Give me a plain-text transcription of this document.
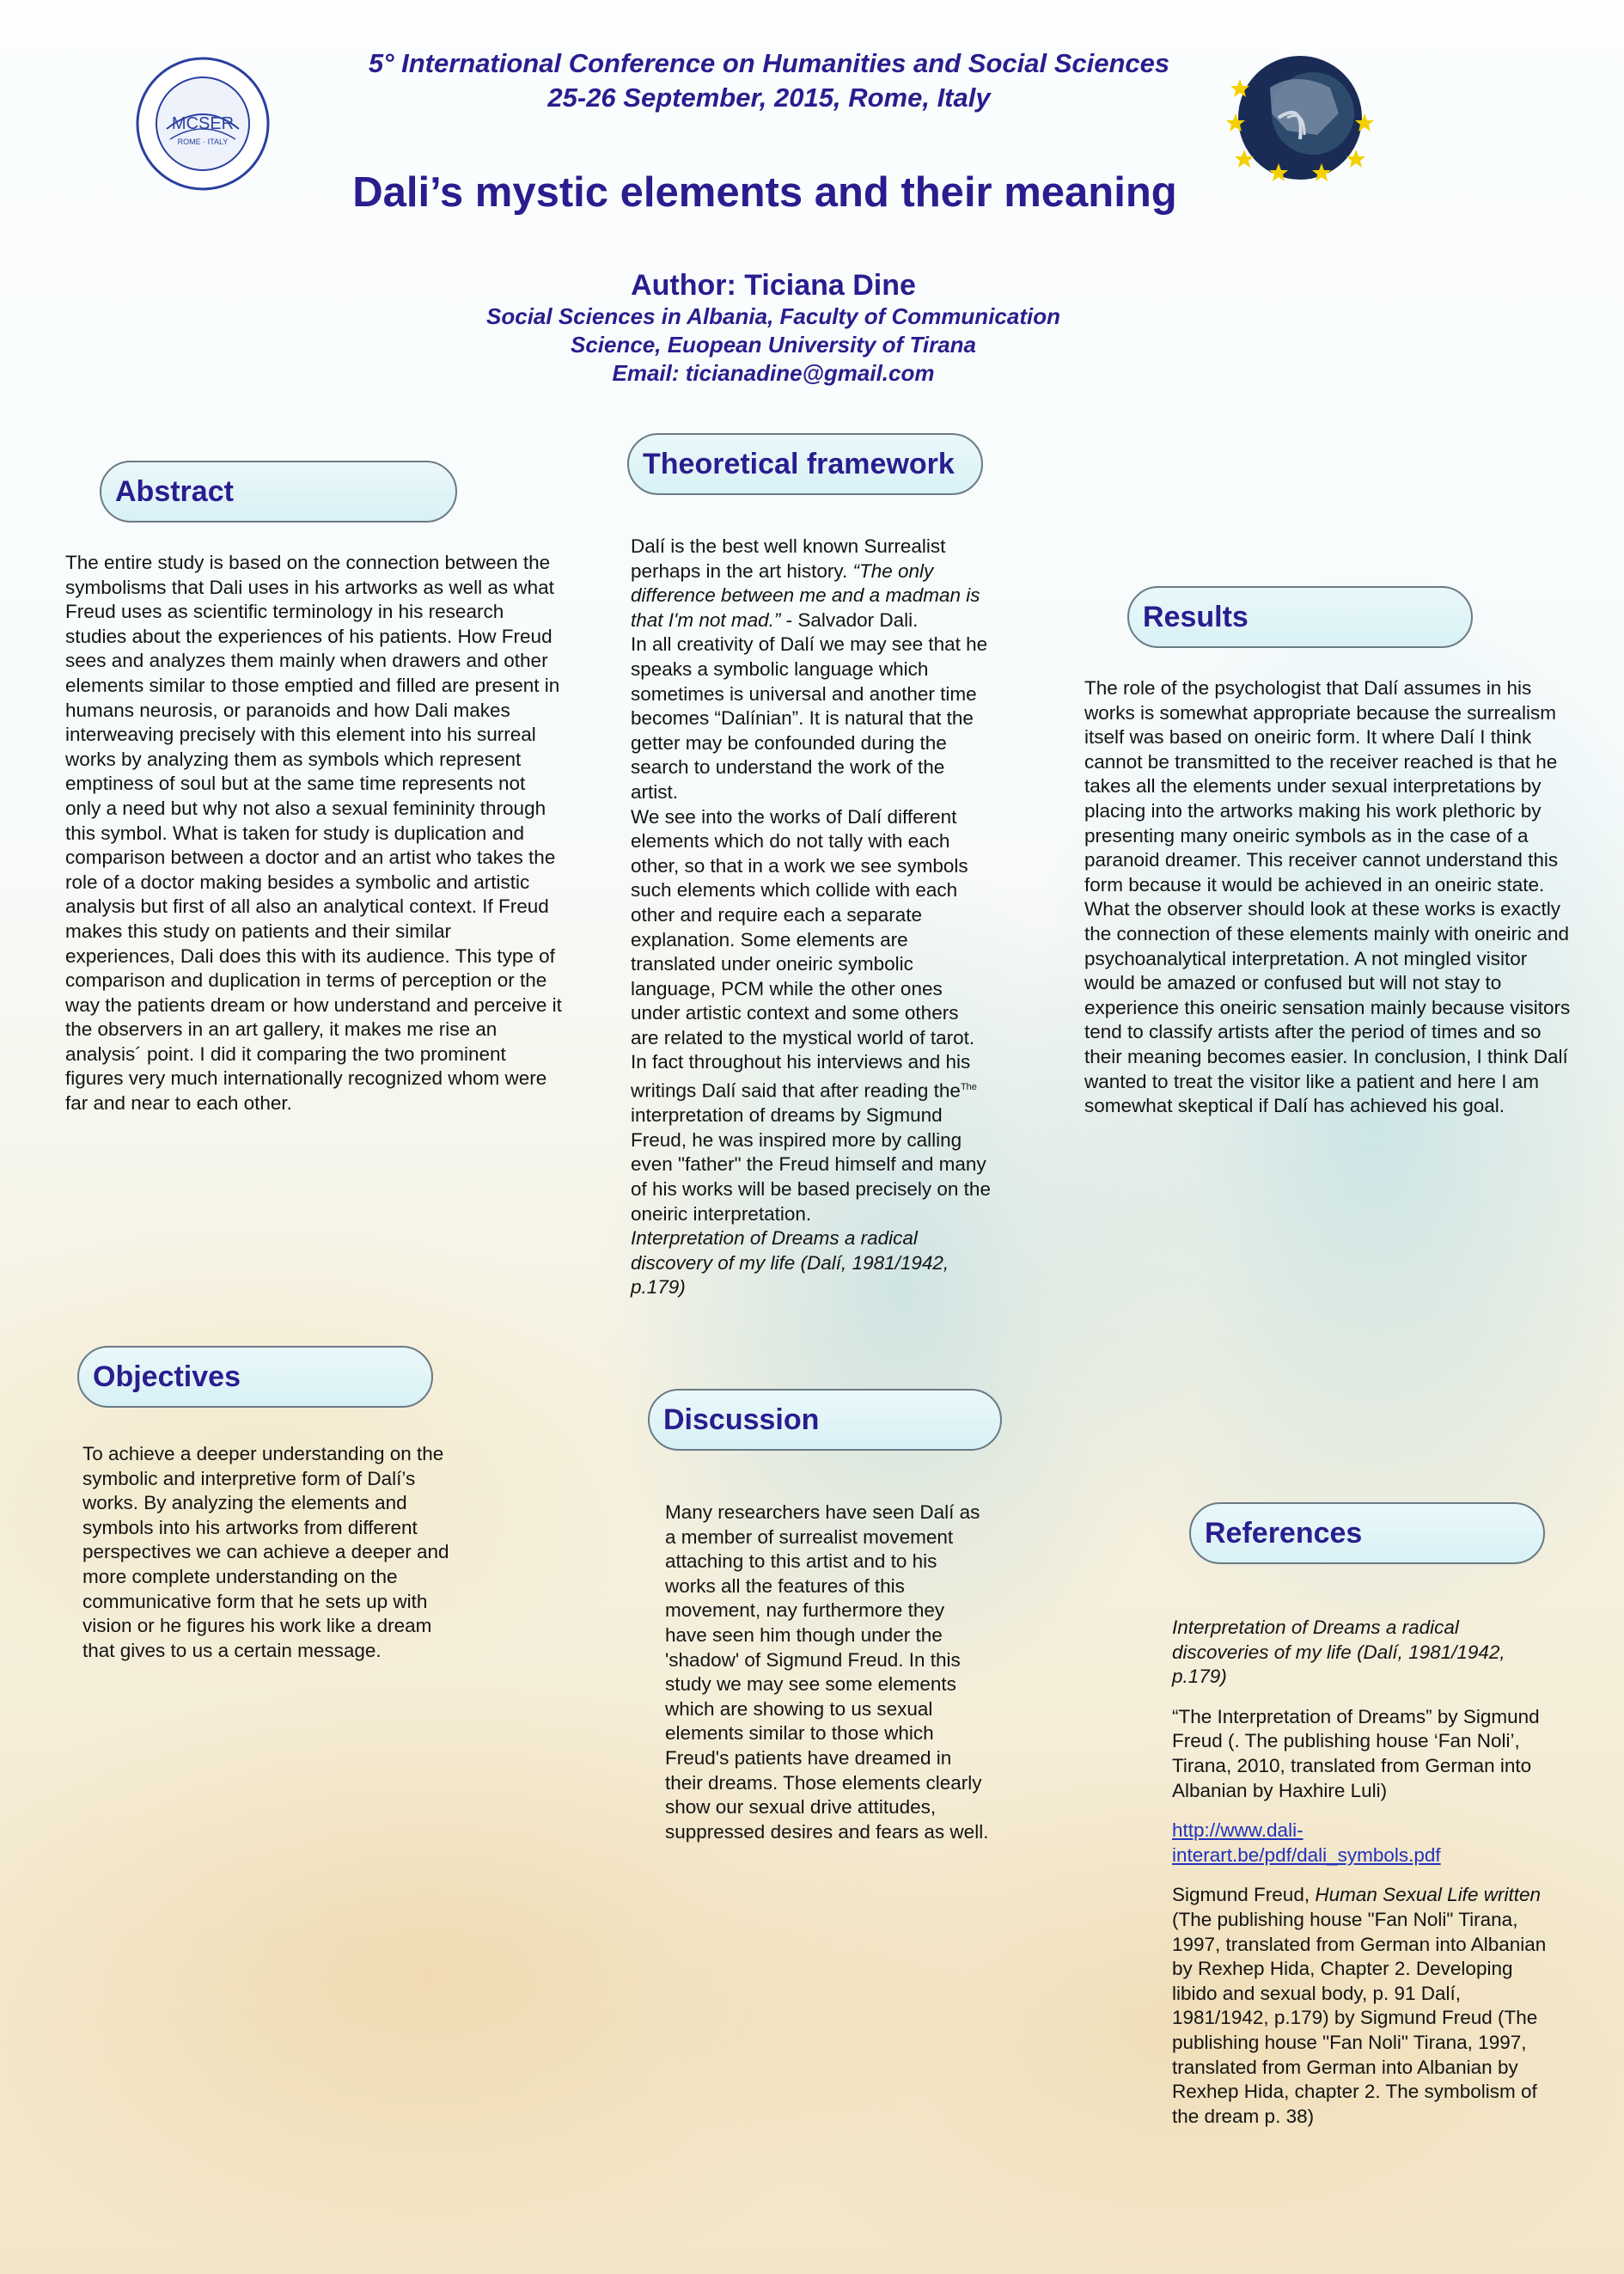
MCSER
ROME · ITALY
5° International Conference on Humanities and Social Sciences
25-26 September, 2015, Rome, Italy
Dali’s mystic elements and their meaning
Author: Ticiana Dine
Social Sciences in Albania, Faculty of Communication
Science, Euopean University of Tirana
Email: ticianadine@gmail.com
Abstract
The entire study is based on the connection between the symbolisms that Dali uses in his artworks as well as what Freud uses as scientific terminology in his research studies about the experiences of his patients. How Freud sees and analyzes them mainly when drawers and other elements similar to those emptied and filled are present in humans neurosis, or paranoids and how Dali makes interweaving precisely with this element into his surreal works by analyzing them as symbols which represent emptiness of soul but at the same time represents not only a need but why not also a sexual femininity through this symbol. What is taken for study is duplication and comparison between a doctor and an artist who takes the role of a doctor making besides a symbolic and artistic analysis but first of all also an analytical context. If Freud makes this study on patients and their similar experiences, Dali does this with its audience. This type of comparison and duplication in terms of perception or the way the patients dream or how understand and perceive it the observers in an art gallery, it makes me rise an analysis´ point. I did it comparing the two prominent figures very much internationally recognized whom were far and near to each other.
Theoretical framework
Dalí is the best well known Surrealist perhaps in the art history. “The only difference between me and a madman is that I'm not mad.” - Salvador Dali.
In all creativity of Dalí we may see that he speaks a symbolic language which sometimes is universal and another time becomes “Dalínian”. It is natural that the getter may be confounded during the search to understand the work of the artist.
We see into the works of Dalí different elements which do not tally with each other, so that in a work we see symbols such elements which collide with each other and require each a separate explanation. Some elements are translated under oneiric symbolic language, PCM while the other ones under artistic context and some others are related to the mystical world of tarot.
In fact throughout his interviews and his writings Dalí said that after reading the$^{The}$ interpretation of dreams by Sigmund Freud, he was inspired more by calling even "father" the Freud himself and many of his works will be based precisely on the oneiric interpretation.
Interpretation of Dreams a radical discovery of my life (Dalí, 1981/1942, p.179)
Results
The role of the psychologist that Dalí assumes in his works is somewhat appropriate because the surrealism itself was based on oneiric form. It where Dalí I think cannot be transmitted to the receiver reached is that he takes all the elements under sexual interpretations by placing into the artworks making his work plethoric by presenting many oneiric symbols as in the case of a paranoid dreamer. This receiver cannot understand this form because it would be achieved in an oneiric state. What the observer should look at these works is exactly the connection of these elements mainly with oneiric and psychoanalytical interpretation. A not mingled visitor would be amazed or confused but will not stay to experience this oneiric sensation mainly because visitors tend to classify artists after the period of times and so their meaning becomes easier. In conclusion, I think Dalí wanted to treat the visitor like a patient and here I am somewhat skeptical if Dalí has achieved his goal.
Objectives
To achieve a deeper understanding on the symbolic and interpretive form of Dalí’s works. By analyzing the elements and symbols into his artworks from different perspectives we can achieve a deeper and more complete understanding on the communicative form that he sets up with vision or he figures his work like a dream that gives to us a certain message.
Discussion
Many researchers have seen Dalí as a member of surrealist movement attaching to this artist and to his works all the features of this movement, nay furthermore they have seen him though under the 'shadow' of Sigmund Freud. In this study we may see some elements which are showing to us sexual elements similar to those which Freud's patients have dreamed in their dreams. Those elements clearly show our sexual drive attitudes, suppressed desires and fears as well.
References
Interpretation of Dreams a radical discoveries of my life (Dalí, 1981/1942, p.179)
“The Interpretation of Dreams” by Sigmund Freud (. The publishing house ‘Fan Noli’, Tirana, 2010, translated from German into Albanian by Haxhire Luli)
http://www.dali-interart.be/pdf/dali_symbols.pdf
Sigmund Freud, Human Sexual Life written (The publishing house "Fan Noli" Tirana, 1997, translated from German into Albanian by Rexhep Hida, Chapter 2. Developing libido and sexual body, p. 91 Dalí, 1981/1942, p.179) by Sigmund Freud (The publishing house "Fan Noli" Tirana, 1997, translated from German into Albanian by Rexhep Hida, chapter 2. The symbolism of the dream p. 38)
